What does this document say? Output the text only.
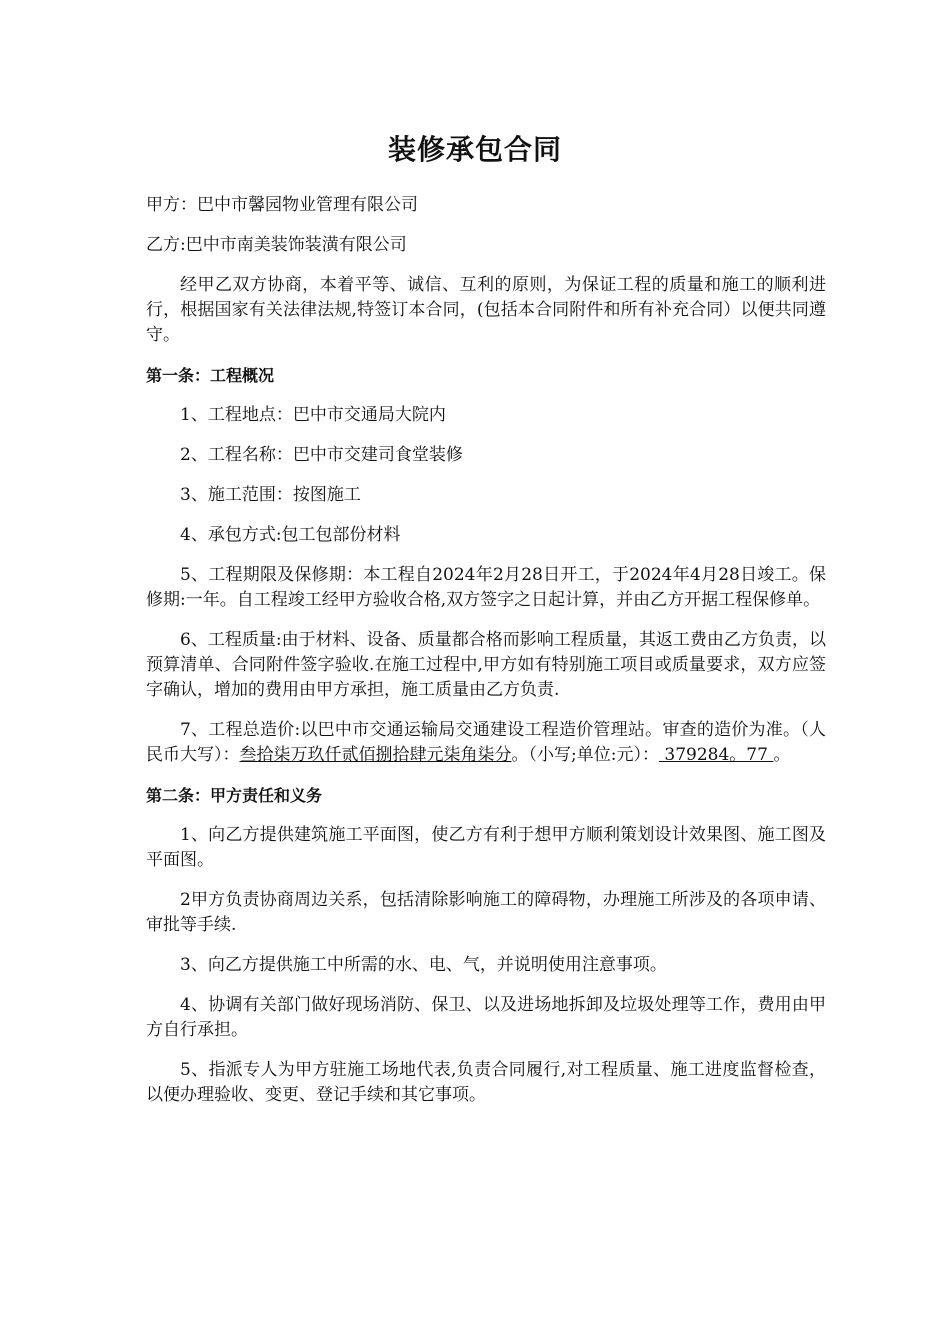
装修承包合同

甲方：巴中市馨园物业管理有限公司

乙方:巴中市南美装饰装潢有限公司

经甲乙双方协商，本着平等、诚信、互利的原则，为保证工程的质量和施工的顺利进行，根据国家有关法律法规,特签订本合同，(包括本合同附件和所有补充合同）以便共同遵守。

第一条：工程概况

1、工程地点：巴中市交通局大院内

2、工程名称：巴中市交建司食堂装修

3、施工范围：按图施工

4、承包方式:包工包部份材料

5、工程期限及保修期：本工程自2024年2月28日开工，于2024年4月28日竣工。保修期:一年。自工程竣工经甲方验收合格,双方签字之日起计算，并由乙方开据工程保修单。

6、工程质量:由于材料、设备、质量都合格而影响工程质量，其返工费由乙方负责，以预算清单、合同附件签字验收.在施工过程中,甲方如有特别施工项目或质量要求，双方应签字确认，增加的费用由甲方承担，施工质量由乙方负责.

7、工程总造价:以巴中市交通运输局交通建设工程造价管理站。审查的造价为准。（人民币大写）：叁拾柒万玖仟贰佰捌拾肆元柒角柒分。（小写;单位:元）： 379284。77 。

第二条：甲方责任和义务

1、向乙方提供建筑施工平面图，使乙方有利于想甲方顺利策划设计效果图、施工图及平面图。

2甲方负责协商周边关系，包括清除影响施工的障碍物，办理施工所涉及的各项申请、审批等手续.

3、向乙方提供施工中所需的水、电、气，并说明使用注意事项。

4、协调有关部门做好现场消防、保卫、以及进场地拆卸及垃圾处理等工作，费用由甲方自行承担。

5、指派专人为甲方驻施工场地代表,负责合同履行,对工程质量、施工进度监督检查，以便办理验收、变更、登记手续和其它事项。
